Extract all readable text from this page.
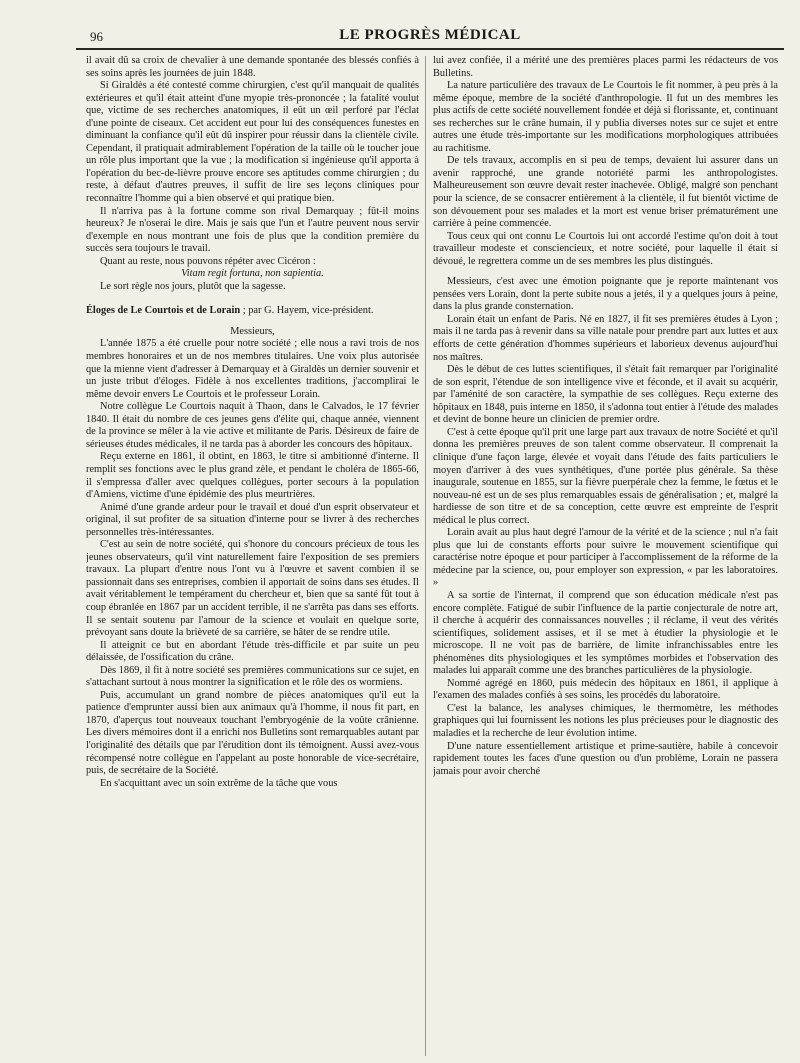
96	LE PROGRÈS MÉDICAL

il avait dû sa croix de chevalier à une demande spontanée des blessés confiés à ses soins après les journées de juin 1848.

Si Giraldès a été contesté comme chirurgien, c'est qu'il manquait de qualités extérieures et qu'il était atteint d'une myopie très-prononcée ; la fatalité voulut que, victime de ses recherches anatomiques, il eût un œil perforé par l'éclat d'une pointe de ciseaux. Cet accident eut pour lui des conséquences funestes en diminuant la confiance qu'il eût dû inspirer pour réussir dans la clientèle civile. Cependant, il pratiquait admirablement l'opération de la taille où le toucher joue un rôle plus important que la vue ; la modification si ingénieuse qu'il apporta à l'opération du bec-de-lièvre prouve encore ses aptitudes comme chirurgien ; du reste, à défaut d'autres preuves, il suffit de lire ses leçons cliniques pour reconnaître l'homme qui a bien observé et qui pratique bien.

Il n'arriva pas à la fortune comme son rival Demarquay ; fût-il moins heureux? Je n'oserai le dire. Mais je sais que l'un et l'autre peuvent nous servir d'exemple en nous montrant une fois de plus que la condition première du succès sera toujours le travail.

Quant au reste, nous pouvons répéter avec Cicéron :

Vitam regit fortuna, non sapientia.

Le sort règle nos jours, plutôt que la sagesse.

Éloges de Le Courtois et de Lorain ; par G. Hayem, vice-président.

Messieurs,

L'année 1875 a été cruelle pour notre société ; elle nous a ravi trois de nos membres honoraires et un de nos membres titulaires. Une voix plus autorisée que la mienne vient d'adresser à Demarquay et à Giraldès un dernier souvenir et un juste tribut d'éloges. Fidèle à nos excellentes traditions, j'accomplirai le même devoir envers Le Courtois et le professeur Lorain.

Notre collègue Le Courtois naquit à Thaon, dans le Calvados, le 17 février 1840. Il était du nombre de ces jeunes gens d'élite qui, chaque année, viennent de la province se mêler à la vie active et militante de Paris. Désireux de faire de sérieuses études médicales, il ne tarda pas à aborder les concours des hôpitaux.

Reçu externe en 1861, il obtint, en 1863, le titre si ambitionné d'interne. Il remplit ses fonctions avec le plus grand zèle, et pendant le choléra de 1865-66, il s'empressa d'aller avec quelques collègues, porter secours à la population d'Amiens, victime d'une épidémie des plus meurtrières.

Animé d'une grande ardeur pour le travail et doué d'un esprit observateur et original, il sut profiter de sa situation d'interne pour se livrer à des recherches personnelles très-intéressantes.

C'est au sein de notre société, qui s'honore du concours précieux de tous les jeunes observateurs, qu'il vint naturellement faire l'exposition de ses premiers travaux. La plupart d'entre nous l'ont vu à l'œuvre et savent combien il se passionnait dans ses entreprises, combien il apportait de soins dans ses études. Il avait véritablement le tempérament du chercheur et, bien que sa santé fût tout à coup ébranlée en 1867 par un accident terrible, il ne s'arrêta pas dans ses efforts. Il se sentait soutenu par l'amour de la science et voulait en quelque sorte, prévoyant sans doute la brièveté de sa carrière, se hâter de se rendre utile.

Il atteignit ce but en abordant l'étude très-difficile et par suite un peu délaissée, de l'ossification du crâne.

Dès 1869, il fit à notre société ses premières communications sur ce sujet, en s'attachant surtout à nous montrer la signification et le rôle des os wormiens.

Puis, accumulant un grand nombre de pièces anatomiques qu'il eut la patience d'emprunter aussi bien aux animaux qu'à l'homme, il nous fit part, en 1870, d'aperçus tout nouveaux touchant l'embryogénie de la voûte crânienne. Les divers mémoires dont il a enrichi nos Bulletins sont remarquables autant par l'originalité des détails que par l'érudition dont ils témoignent. Aussi avez-vous récompensé notre collègue en l'appelant au poste honorable de vice-secrétaire, puis, de secrétaire de la Société.

En s'acquittant avec un soin extrême de la tâche que vous

lui avez confiée, il a mérité une des premières places parmi les rédacteurs de vos Bulletins.

La nature particulière des travaux de Le Courtois le fit nommer, à peu près à la même époque, membre de la société d'anthropologie. Il fut un des membres les plus actifs de cette société nouvellement fondée et déjà si florissante, et, continuant ses recherches sur le crâne humain, il y publia diverses notes sur ce sujet et entre autres une étude très-importante sur les modifications morphologiques attribuées au rachitisme.

De tels travaux, accomplis en si peu de temps, devaient lui assurer dans un avenir rapproché, une grande notoriété parmi les anthropologistes. Malheureusement son œuvre devait rester inachevée. Obligé, malgré son penchant pour la science, de se consacrer entièrement à la clientèle, il fut bientôt victime de son dévouement pour ses malades et la mort est venue briser prématurément une carrière à peine commencée.

Tous ceux qui ont connu Le Courtois lui ont accordé l'estime qu'on doit à tout travailleur modeste et consciencieux, et notre société, pour laquelle il était si dévoué, le regrettera comme un de ses membres les plus distingués.

Messieurs, c'est avec une émotion poignante que je reporte maintenant vos pensées vers Lorain, dont la perte subite nous a jetés, il y a quelques jours à peine, dans la plus grande consternation.

Lorain était un enfant de Paris. Né en 1827, il fit ses premières études à Lyon ; mais il ne tarda pas à revenir dans sa ville natale pour prendre part aux luttes et aux efforts de cette génération d'hommes supérieurs et laborieux devenus aujourd'hui nos maîtres.

Dès le début de ces luttes scientifiques, il s'était fait remarquer par l'originalité de son esprit, l'étendue de son intelligence vive et féconde, et il avait su acquérir, par l'aménité de son caractère, la sympathie de ses collègues. Reçu externe des hôpitaux en 1848, puis interne en 1850, il s'adonna tout entier à l'étude des malades et devint de bonne heure un clinicien de premier ordre.

C'est à cette époque qu'il prit une large part aux travaux de notre Société et qu'il donna les premières preuves de son talent comme observateur. Il comprenait la clinique d'une façon large, élevée et voyait dans l'étude des faits particuliers le moyen d'arriver à des vues synthétiques, d'une portée plus générale. Sa thèse inaugurale, soutenue en 1855, sur la fièvre puerpérale chez la femme, le fœtus et le nouveau-né est un de ses plus remarquables essais de généralisation ; et, malgré la hardiesse de son titre et de sa conception, cette œuvre est empreinte de l'esprit médical le plus correct.

Lorain avait au plus haut degré l'amour de la vérité et de la science ; nul n'a fait plus que lui de constants efforts pour suivre le mouvement scientifique qui caractérise notre époque et pour participer à l'accomplissement de la réforme de la médecine par la science, ou, pour employer son expression, « par les laboratoires. »

A sa sortie de l'internat, il comprend que son éducation médicale n'est pas encore complète. Fatigué de subir l'influence de la partie conjecturale de notre art, il cherche à acquérir des connaissances nouvelles ; il réclame, il veut des vérités scientifiques, solidement assises, et il se met à étudier la physiologie et le microscope. Il ne voit pas de barrière, de limite infranchissables entre les phénomènes dits physiologiques et les symptômes morbides et l'observation des malades lui apparaît comme une des branches particulières de la physiologie.

Nommé agrégé en 1860, puis médecin des hôpitaux en 1861, il applique à l'examen des malades confiés à ses soins, les procédés du laboratoire.

C'est la balance, les analyses chimiques, le thermomètre, les méthodes graphiques qui lui fournissent les notions les plus précieuses pour le diagnostic des maladies et la recherche de leur évolution intime.

D'une nature essentiellement artistique et prime-sautière, habile à concevoir rapidement toutes les faces d'une question ou d'un problème, Lorain ne passera jamais pour avoir cherché
